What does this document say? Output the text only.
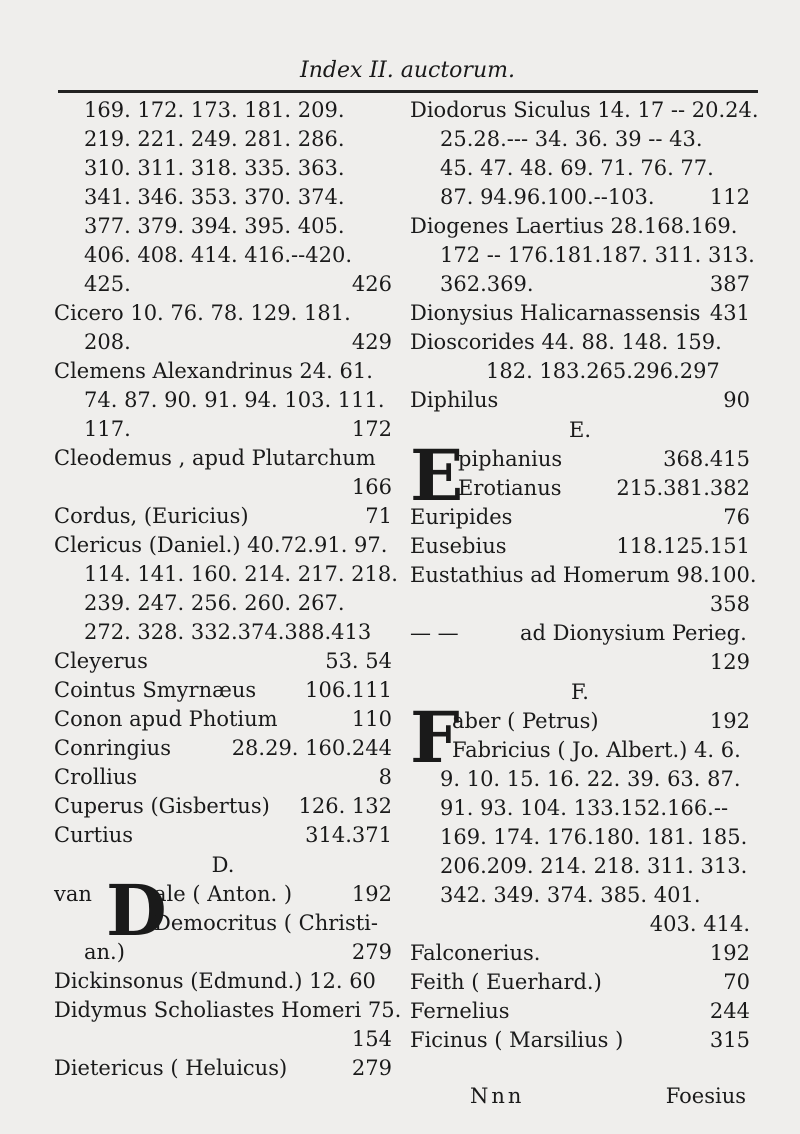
Index II. auctorum.
169. 172. 173. 181. 209.
219. 221. 249. 281. 286.
310. 311. 318. 335. 363.
341. 346. 353. 370. 374.
377. 379. 394. 395. 405.
406. 408. 414. 416.--420.
425.	426
Cicero 10. 76. 78. 129. 181.
208.	429
Clemens Alexandrinus 24. 61.
74. 87. 90. 91. 94. 103. 111.
117.	172
Cleodemus , apud Plutarchum
166
Cordus, (Euricius)	71
Clericus (Daniel.) 40.72.91. 97.
114. 141. 160. 214. 217. 218.
239. 247. 256. 260. 267.
272. 328. 332.374.388.413
Cleyerus	53. 54
Cointus Smyrnæus 106.111
Conon apud Photium	110
Conringius	28.29. 160.244
Crollius	8
Cuperus (Gisbertus) 126. 132
Curtius	314.371
D.
D
van	ale ( Anton. )	192
Democritus ( Christi-
an.)	279
Dickinsonus (Edmund.) 12. 60
Didymus Scholiastes Homeri 75.
154
Dietericus ( Heluicus)	279
Diodorus Siculus 14. 17 -- 20.24.
25.28.--- 34. 36. 39 -- 43.
45. 47. 48. 69. 71. 76. 77.
87. 94.96.100.--103.	112
Diogenes Laertius 28.168.169.
172 -- 176.181.187. 311. 313.
362.369.	387
Dionysius Halicarnassensis 431
Dioscorides 44. 88. 148. 159.
182. 183.265.296.297
Diphilus	90
E.
E
piphanius	368.415
Erotianus	215.381.382
Euripides	76
Eusebius	118.125.151
Eustathius ad Homerum 98.100.
358
— —	ad Dionysium Perieg.
129
F.
F
aber ( Petrus)	192
Fabricius ( Jo. Albert.) 4. 6.
9. 10. 15. 16. 22. 39. 63. 87.
91. 93. 104. 133.152.166.--
169. 174. 176.180. 181. 185.
206.209. 214. 218. 311. 313.
342. 349. 374. 385. 401.
403. 414.
Falconerius.	192
Feith ( Euerhard.)	70
Fernelius	244
Ficinus ( Marsilius )	315
Nnn	Foesius
